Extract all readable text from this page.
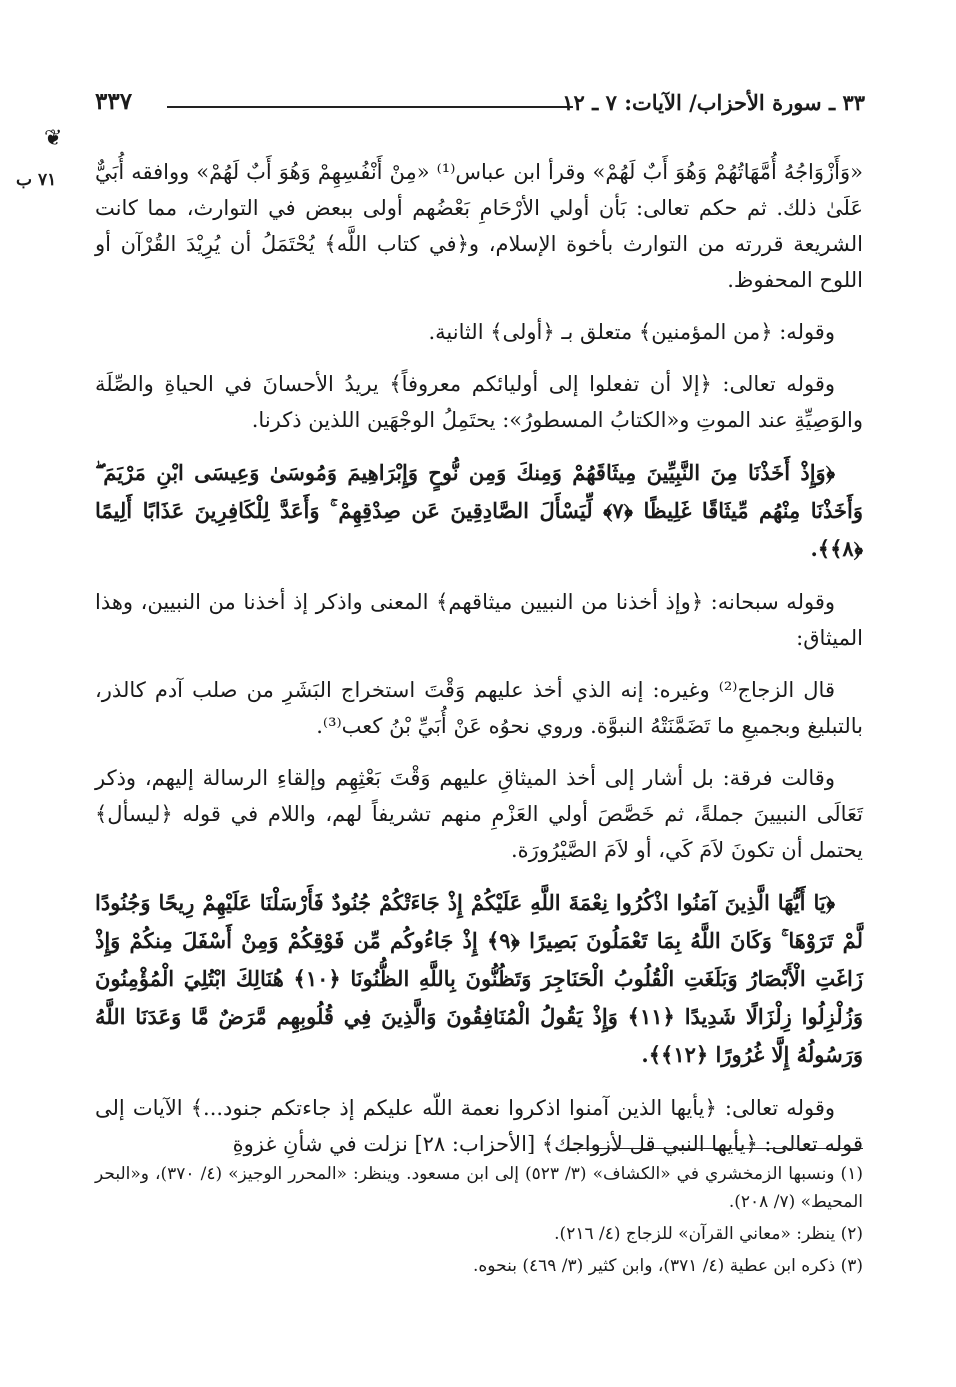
٣٣ ـ سورة الأحزاب/ الآيات: ٧ ـ ١٢
٣٣٧
❦
٧١ ب «وَأَزْوَاجُهُ أُمَّهَاتُهُمْ وَهُوَ أَبٌ لَهُمْ» وقرأ ابن عباس⁽¹⁾ «مِنْ أَنْفُسِهِمْ وَهُوَ أَبٌ لَهُمْ» ووافقه أُبَيٌّ عَلَىٰ ذلك. ثم حكم تعالى: بَأن أولي الأرْحَامِ بَعْضُهم أولى ببعض في التوارث، مما كانت الشريعة قررته من التوارث بأخوة الإسلام، و﴿في كتاب اللَّه﴾ يُحْتَمَلُ أن يُرِيْدَ القُرْآن أو اللوح المحفوظ.

وقوله: ﴿من المؤمنين﴾ متعلق بـ ﴿أولى﴾ الثانية.

وقوله تعالى: ﴿إلا أن تفعلوا إلى أوليائكم معروفاً﴾ يريدُ الأحسانَ في الحياةِ والصِّلَة والوَصِيِّةِ عند الموتِ و«الكتابُ المسطورُ»: يحتَمِلُ الوجْهَين اللذين ذكرنا.

﴿وَإِذْ أَخَذْنَا مِنَ النَّبِيِّينَ مِيثَاقَهُمْ وَمِنكَ وَمِن نُّوحٍ وَإِبْرَاهِيمَ وَمُوسَىٰ وَعِيسَى ابْنِ مَرْيَمَ ۖ وَأَخَذْنَا مِنْهُم مِّيثَاقًا غَلِيظًا ﴿٧﴾ لِّيَسْأَلَ الصَّادِقِينَ عَن صِدْقِهِمْ ۚ وَأَعَدَّ لِلْكَافِرِينَ عَذَابًا أَلِيمًا ﴿٨﴾﴾.

وقوله سبحانه: ﴿وإذ أخذنا من النبيين ميثاقهم﴾ المعنى واذكر إذ أخذنا من النبيين، وهذا الميثاق:

قال الزجاج⁽²⁾ وغيره: إنه الذي أخذ عليهم وَقْتَ استخراج البَشَرِ من صلب آدم كالذر، بالتبليغ وبجميعِ ما تَضَمَّنَتْهُ النبوَّة. وروي نحوُه عَنْ أُبَيِّ بْنُ كعب⁽³⁾.

وقالت فرقة: بل أشار إلى أخذ الميثاقِ عليهم وَقْتَ بَعْثِهِم وإلقاءِ الرسالة إليهم، وذكر تَعَالَى النبيينَ جملةً، ثم خَصَّصَ أولي العَزْمِ منهم تشريفاً لهم، واللام في قوله ﴿ليسأل﴾ يحتمل أن تكونَ لاَمَ كَي، أو لاَمَ الصَّيْرُورَة.

﴿يَا أَيُّهَا الَّذِينَ آمَنُوا اذْكُرُوا نِعْمَةَ اللَّهِ عَلَيْكُمْ إِذْ جَاءَتْكُمْ جُنُودٌ فَأَرْسَلْنَا عَلَيْهِمْ رِيحًا وَجُنُودًا لَّمْ تَرَوْهَا ۚ وَكَانَ اللَّهُ بِمَا تَعْمَلُونَ بَصِيرًا ﴿٩﴾ إِذْ جَاءُوكُم مِّن فَوْقِكُمْ وَمِنْ أَسْفَلَ مِنكُمْ وَإِذْ زَاغَتِ الْأَبْصَارُ وَبَلَغَتِ الْقُلُوبُ الْحَنَاجِرَ وَتَظُنُّونَ بِاللَّهِ الظُّنُونَا ﴿١٠﴾ هُنَالِكَ ابْتُلِيَ الْمُؤْمِنُونَ وَزُلْزِلُوا زِلْزَالًا شَدِيدًا ﴿١١﴾ وَإِذْ يَقُولُ الْمُنَافِقُونَ وَالَّذِينَ فِي قُلُوبِهِم مَّرَضٌ مَّا وَعَدَنَا اللَّهُ وَرَسُولُهُ إِلَّا غُرُورًا ﴿١٢﴾﴾.

وقوله تعالى: ﴿يأيها الذين آمنوا اذكروا نعمة اللّه عليكم إذ جاءتكم جنود...﴾ الآيات إلى قوله تعالى: ﴿يأيها النبي قل لأزواجك﴾ [الأحزاب: ٢٨] نزلت في شأنِ غزوةِ

(١) ونسبها الزمخشري في «الكشاف» (٣/ ٥٢٣) إلى ابن مسعود. وينظر: «المحرر الوجيز» (٤/ ٣٧٠)، و«البحر المحيط» (٧/ ٢٠٨).

(٢) ينظر: «معاني القرآن» للزجاج (٤/ ٢١٦).

(٣) ذكره ابن عطية (٤/ ٣٧١)، وابن كثير (٣/ ٤٦٩) بنحوه.
